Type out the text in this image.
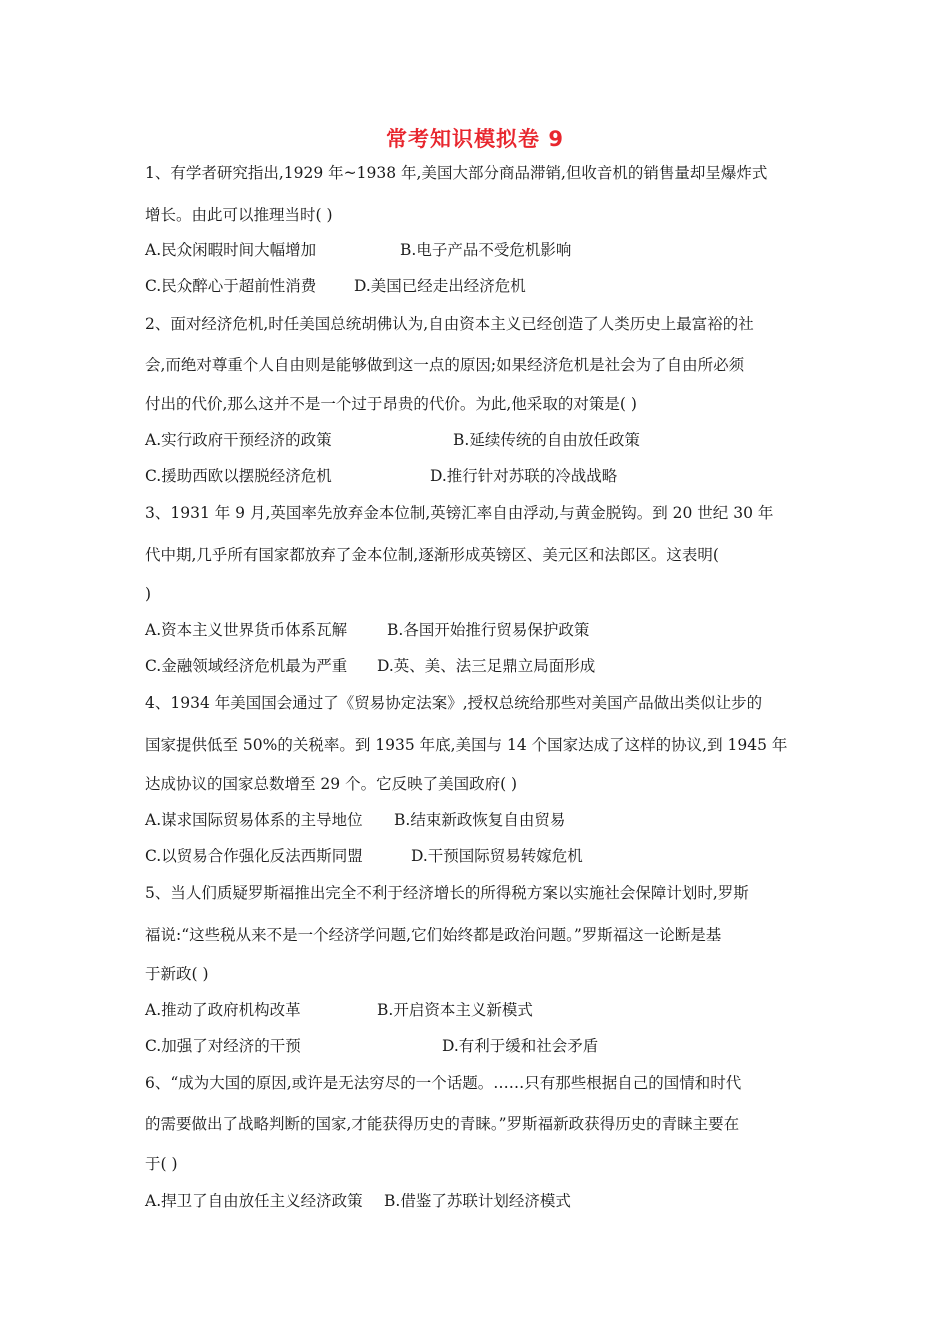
常考知识模拟卷 9
1、有学者研究指出,1929 年~1938 年,美国大部分商品滞销,但收音机的销售量却呈爆炸式
增长。由此可以推理当时( )
A.民众闲暇时间大幅增加	B.电子产品不受危机影响
C.民众醉心于超前性消费 D.美国已经走出经济危机
2、面对经济危机,时任美国总统胡佛认为,自由资本主义已经创造了人类历史上最富裕的社
会,而绝对尊重个人自由则是能够做到这一点的原因;如果经济危机是社会为了自由所必须
付出的代价,那么这并不是一个过于昂贵的代价。为此,他采取的对策是( )
A.实行政府干预经济的政策	B.延续传统的自由放任政策
C.援助西欧以摆脱经济危机	D.推行针对苏联的冷战战略
3、1931 年 9 月,英国率先放弃金本位制,英镑汇率自由浮动,与黄金脱钩。到 20 世纪 30 年
代中期,几乎所有国家都放弃了金本位制,逐渐形成英镑区、美元区和法郎区。这表明(
)
A.资本主义世界货币体系瓦解	B.各国开始推行贸易保护政策
C.金融领域经济危机最为严重 D.英、美、法三足鼎立局面形成
4、1934 年美国国会通过了《贸易协定法案》,授权总统给那些对美国产品做出类似让步的
国家提供低至 50%的关税率。到 1935 年底,美国与 14 个国家达成了这样的协议,到 1945 年
达成协议的国家总数增至 29 个。它反映了美国政府( )
A.谋求国际贸易体系的主导地位 B.结束新政恢复自由贸易
C.以贸易合作强化反法西斯同盟	D.干预国际贸易转嫁危机
5、当人们质疑罗斯福推出完全不利于经济增长的所得税方案以实施社会保障计划时,罗斯
福说:“这些税从来不是一个经济学问题,它们始终都是政治问题。”罗斯福这一论断是基
于新政( )
A.推动了政府机构改革	B.开启资本主义新模式
C.加强了对经济的干预	D.有利于缓和社会矛盾
6、“成为大国的原因,或许是无法穷尽的一个话题。……只有那些根据自己的国情和时代
的需要做出了战略判断的国家,才能获得历史的青睐。”罗斯福新政获得历史的青睐主要在
于( )
A.捍卫了自由放任主义经济政策 B.借鉴了苏联计划经济模式
